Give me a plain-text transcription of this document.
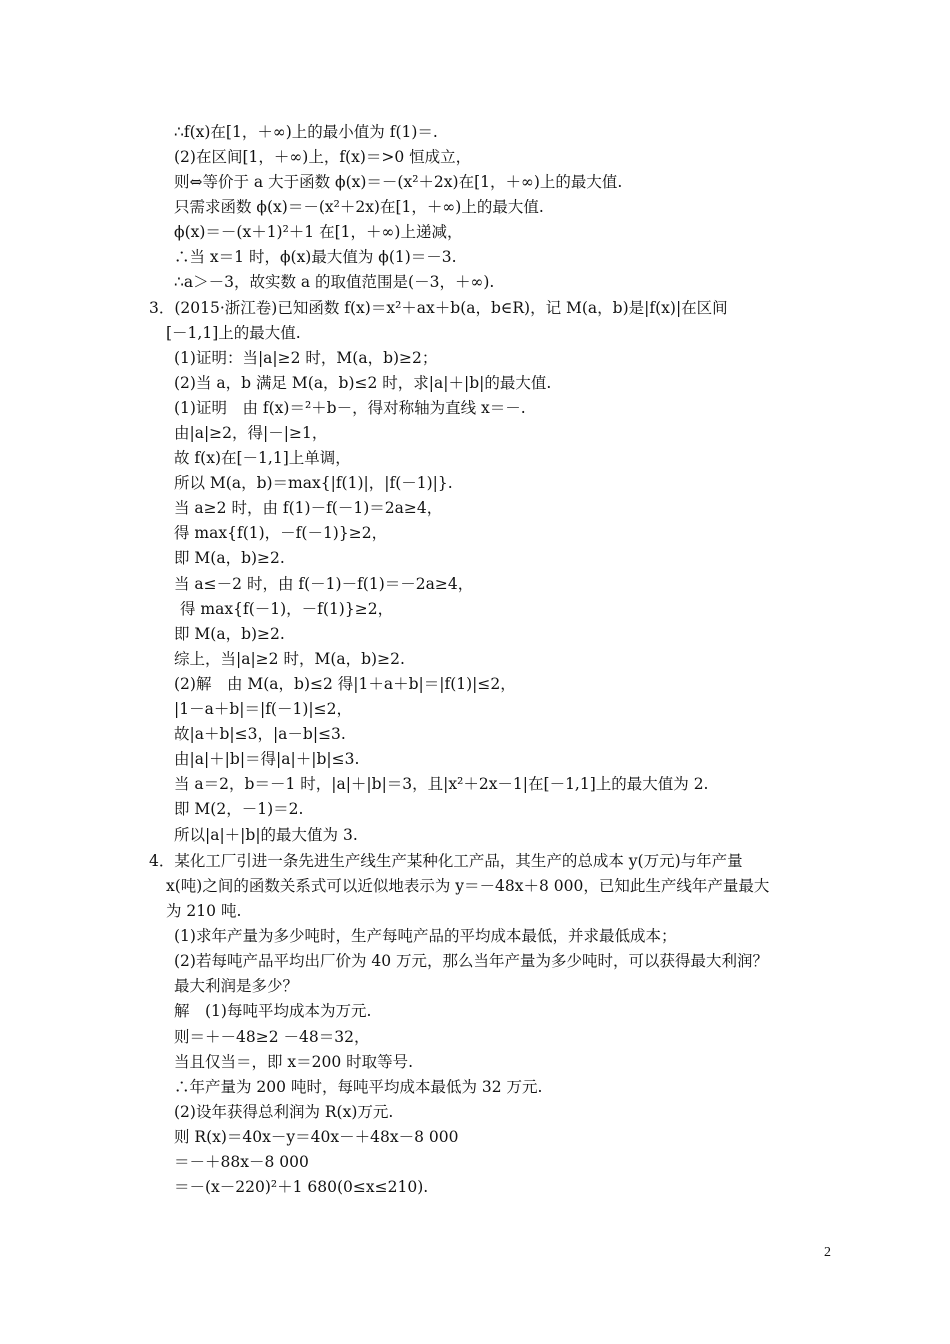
∴f(x)在[1，＋∞)上的最小值为 f(1)＝.
(2)在区间[1，＋∞)上，f(x)＝>0 恒成立，
则⇔等价于 a 大于函数 ϕ(x)＝－(x²＋2x)在[1，＋∞)上的最大值.
只需求函数 ϕ(x)＝－(x²＋2x)在[1，＋∞)上的最大值.
ϕ(x)＝－(x＋1)²＋1 在[1，＋∞)上递减，
∴当 x＝1 时，ϕ(x)最大值为 ϕ(1)＝－3.
∴a＞－3，故实数 a 的取值范围是(－3，＋∞).
3．(2015·浙江卷)已知函数 f(x)＝x²＋ax＋b(a，b∈R)，记 M(a，b)是|f(x)|在区间
[－1,1]上的最大值.
(1)证明：当|a|≥2 时，M(a，b)≥2；
(2)当 a，b 满足 M(a，b)≤2 时，求|a|＋|b|的最大值.
(1)证明　由 f(x)＝²＋b－，得对称轴为直线 x＝－.
由|a|≥2，得|－|≥1，
故 f(x)在[－1,1]上单调，
所以 M(a，b)＝max{|f(1)|，|f(－1)|}.
当 a≥2 时，由 f(1)－f(－1)＝2a≥4，
得 max{f(1)，－f(－1)}≥2，
即 M(a，b)≥2.
当 a≤－2 时，由 f(－1)－f(1)＝－2a≥4，
得 max{f(－1)，－f(1)}≥2，
即 M(a，b)≥2.
综上，当|a|≥2 时，M(a，b)≥2.
(2)解　由 M(a，b)≤2 得|1＋a＋b|＝|f(1)|≤2，
|1－a＋b|＝|f(－1)|≤2，
故|a＋b|≤3，|a－b|≤3.
由|a|＋|b|＝得|a|＋|b|≤3.
当 a＝2，b＝－1 时，|a|＋|b|＝3，且|x²＋2x－1|在[－1,1]上的最大值为 2.
即 M(2，－1)＝2.
所以|a|＋|b|的最大值为 3.
4．某化工厂引进一条先进生产线生产某种化工产品，其生产的总成本 y(万元)与年产量
x(吨)之间的函数关系式可以近似地表示为 y＝－48x＋8 000，已知此生产线年产量最大
为 210 吨.
(1)求年产量为多少吨时，生产每吨产品的平均成本最低，并求最低成本；
(2)若每吨产品平均出厂价为 40 万元，那么当年产量为多少吨时，可以获得最大利润？
最大利润是多少？
解　(1)每吨平均成本为万元.
则＝＋－48≥2 －48＝32，
当且仅当＝，即 x＝200 时取等号.
∴年产量为 200 吨时，每吨平均成本最低为 32 万元.
(2)设年获得总利润为 R(x)万元.
则 R(x)＝40x－y＝40x－＋48x－8 000
＝－＋88x－8 000
＝－(x－220)²＋1 680(0≤x≤210).
2
